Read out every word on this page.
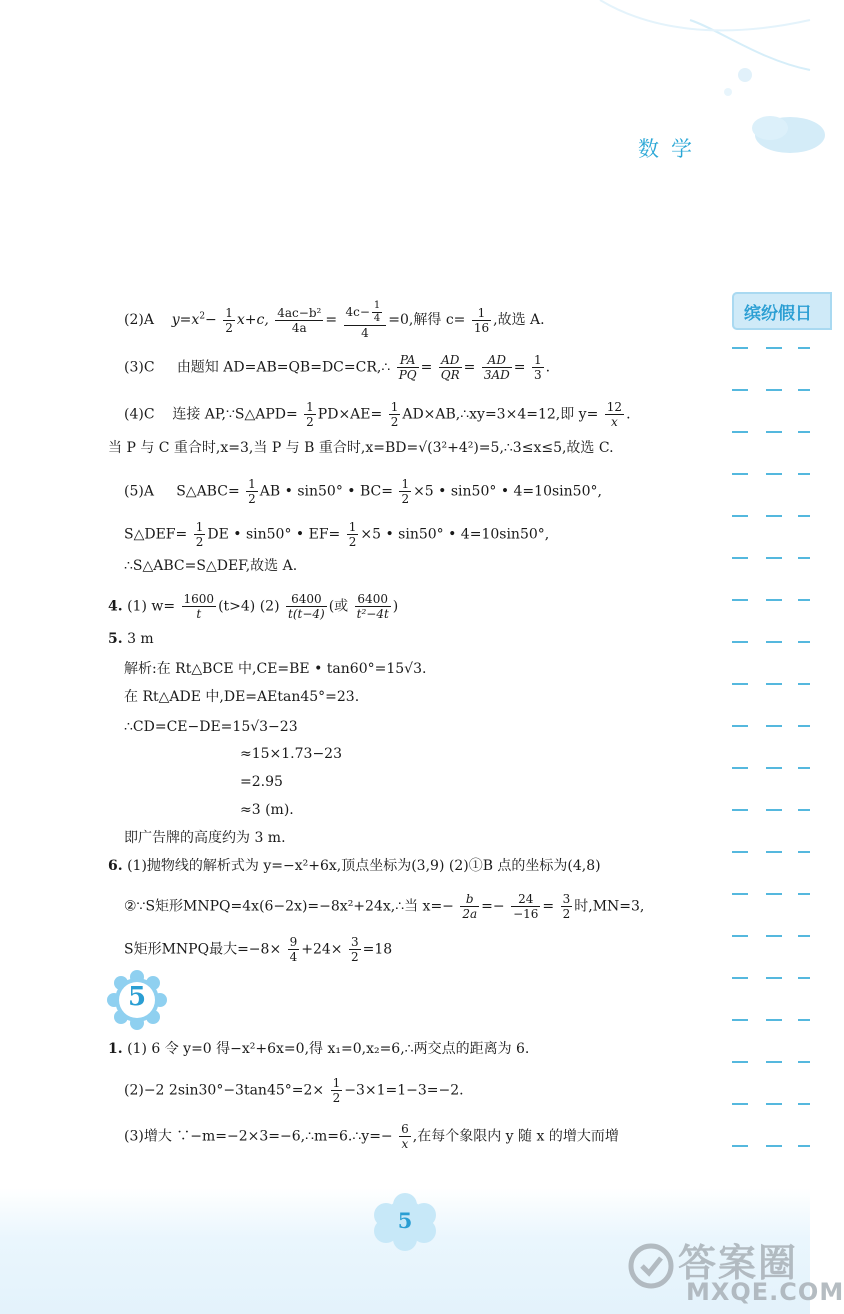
数学
缤纷假日
(2)A $y=x^2- \frac{1}{2} x+c$, $\frac{\text{4ac−b²}}{4a} = \frac{4c- \frac{1}{4}}{4} =0$,解得 $c= \frac{1}{16}$ ,故选 A.
(3)C 由题知 AD=AB=QB=DC=CR,∴ $\frac{PA}{PQ} = \frac{AD}{QR} = \frac{AD}{3AD} = \frac{1}{3}$ .
(4)C 连接 AP,∵S△APD= $\frac{1}{2} PD\times AE= \frac{1}{2}$ AD×AB,∴xy=3×4=12,即 $y= \frac{12}{x}$ .
当 P 与 C 重合时,x=3,当 P 与 B 重合时,x=BD=√(3²+4²)=5,∴3≤x≤5,故选 C.
(5)A S△ABC= $\frac{1}{2}$ AB • sin50° • $BC= \frac{1}{2} \times 5$ • sin50° • 4=10sin50°,
S△DEF= $\frac{1}{2}$ DE • sin50° • $EF= \frac{1}{2} \times 5$ • sin50° • 4=10sin50°,
∴S△ABC=S△DEF,故选 A.
4. (1) $w= \frac{1600}{t} (t>4)$ $(2) \frac{6400}{t(t-4)}$ (或 $\frac{6400}{\text{t²−4t}}$ )
5. 3 m
解析:在 Rt△BCE 中,CE=BE • tan60°=15√3.
在 Rt△ADE 中,DE=AEtan45°=23.
∴CD=CE−DE=15√3−23
≈15×1.73−23
=2.95
≈3 (m).
即广告牌的高度约为 3 m.
6. (1)抛物线的解析式为 y=−x²+6x,顶点坐标为(3,9) (2)①B 点的坐标为(4,8)
②∵S矩形MNPQ=4x(6−2x)=−8x²+24x,∴当 $x=- \frac{b}{2a} =- \frac{24}{-16} = \frac{3}{2}$ 时,MN=3,
S矩形MNPQ最大$=-8\times \frac{9}{4} +24\times \frac{3}{2} =18$
5
1. (1) 6 令 y=0 得−x²+6x=0,得 x₁=0,x₂=6,∴两交点的距离为 6.
(2)−2 $2\sin 30^\circ-3\tan 45^\circ=2\times \frac{1}{2} -3\times 1=1-3=-2$.
(3)增大 ∵−m=−2×3=−6,∴m=6.∴y=− $\frac{6}{x}$ ,在每个象限内 y 随 x 的增大而增
5
答案圈
MXQE.COM
